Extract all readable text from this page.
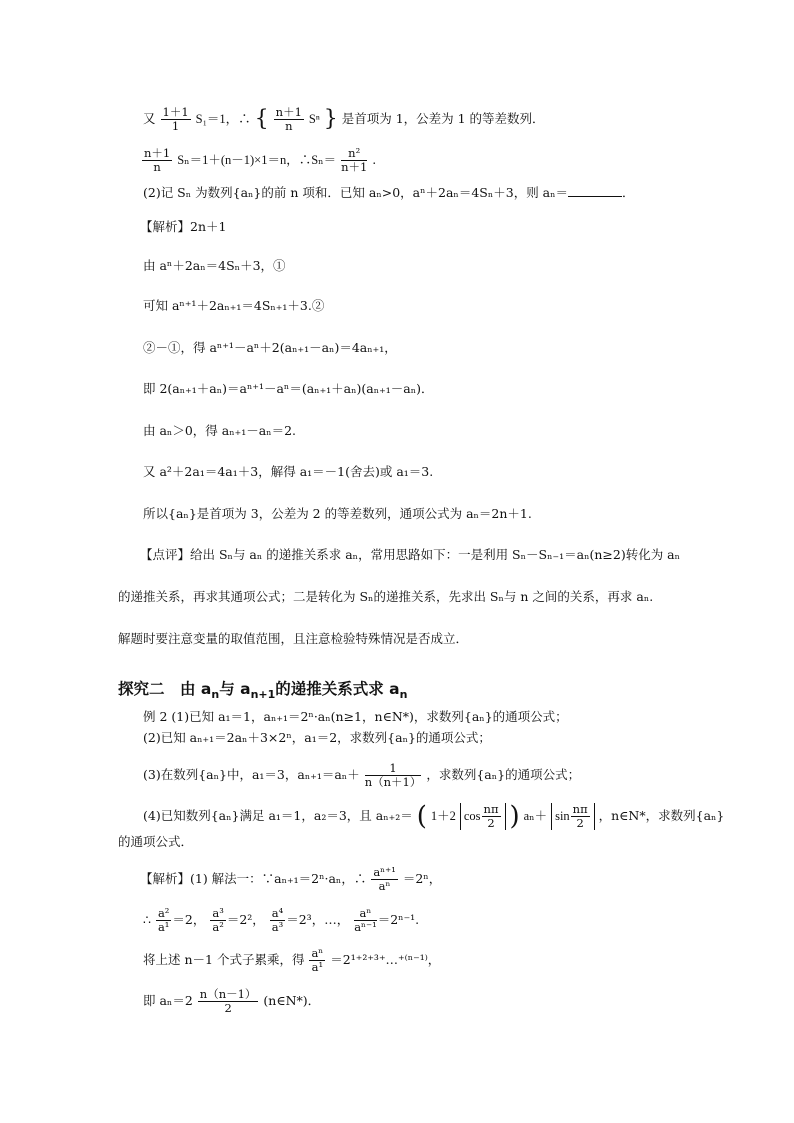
又 $\frac{1+1}{1} S_1=1$，∴ { $\frac{n+1}{n}$ Sⁿ } 是首项为 1，公差为 1 的等差数列．
$\frac{n+1}{n} S_n=1+(n-1)\times 1=n$，∴Sₙ＝ $\frac{\text{n²}}{n+1}$ .
(2)记 Sₙ 为数列{aₙ}的前 n 项和．已知 aₙ>0，aⁿ＋2aₙ＝4Sₙ＋3，则 aₙ＝	．
【解析】2n＋1
由 aⁿ＋2aₙ＝4Sₙ＋3，①
可知 aⁿ⁺¹＋2aₙ₊₁＝4Sₙ₊₁＋3.②
②－①，得 aⁿ⁺¹－aⁿ＋2(aₙ₊₁－aₙ)＝4aₙ₊₁，
即 2(aₙ₊₁＋aₙ)＝aⁿ⁺¹－aⁿ＝(aₙ₊₁＋aₙ)(aₙ₊₁－aₙ)．
由 aₙ＞0，得 aₙ₊₁－aₙ＝2.
又 a²＋2a₁＝4a₁＋3，解得 a₁＝－1(舍去)或 a₁＝3.
所以{aₙ}是首项为 3，公差为 2 的等差数列，通项公式为 aₙ＝2n＋1.
【点评】给出 Sₙ与 aₙ 的递推关系求 aₙ，常用思路如下：一是利用 Sₙ－Sₙ₋₁＝aₙ(n≥2)转化为 aₙ
的递推关系，再求其通项公式；二是转化为 Sₙ的递推关系，先求出 Sₙ与 n 之间的关系，再求 aₙ.
解题时要注意变量的取值范围，且注意检验特殊情况是否成立．
探究二　由 $a_n$与 $a_{n+1}$的递推关系式求 $a_n$
例 2 (1)已知 a₁＝1，aₙ₊₁＝2ⁿ·aₙ(n≥1，n∈N*)，求数列{aₙ}的通项公式；
(2)已知 aₙ₊₁＝2aₙ＋3×2ⁿ，a₁＝2，求数列{aₙ}的通项公式；
(3)在数列{aₙ}中，a₁＝3，$a_{n+1}=a_n+ \frac{1}{n(n+1)}$ ，求数列{aₙ}的通项公式；
(4)已知数列{aₙ}满足 a₁＝1，a₂＝3，且 aₙ₊₂＝ ( 1＋2 $\cos \frac{n\pi}{2}$ ) $a_n+ \sin \frac{n\pi}{2}$ ，n∈N*，求数列{aₙ}
的通项公式．
【解析】(1) 解法一：∵aₙ₊₁＝2ⁿ·aₙ，∴ $\frac{\text{aⁿ⁺¹}}{\text{aⁿ}} =2^n$，
∴ $\frac{\text{a²}}{\text{a¹}} =2$， $\frac{\text{a³}}{\text{a²}} =2^2$， $\frac{\text{a⁴}}{\text{a³}} =2^3$，…， $\frac{\text{aⁿ}}{\text{aⁿ⁻¹}} =2^{n-1}$.
将上述 n－1 个式子累乘，得 $\frac{\text{aⁿ}}{\text{a¹}}$ ＝2¹⁺²⁺³⁺…⁺⁽ⁿ⁻¹⁾，
即 $a_n=2 \frac{n(n-1)}{2}$ (n∈N*)．
